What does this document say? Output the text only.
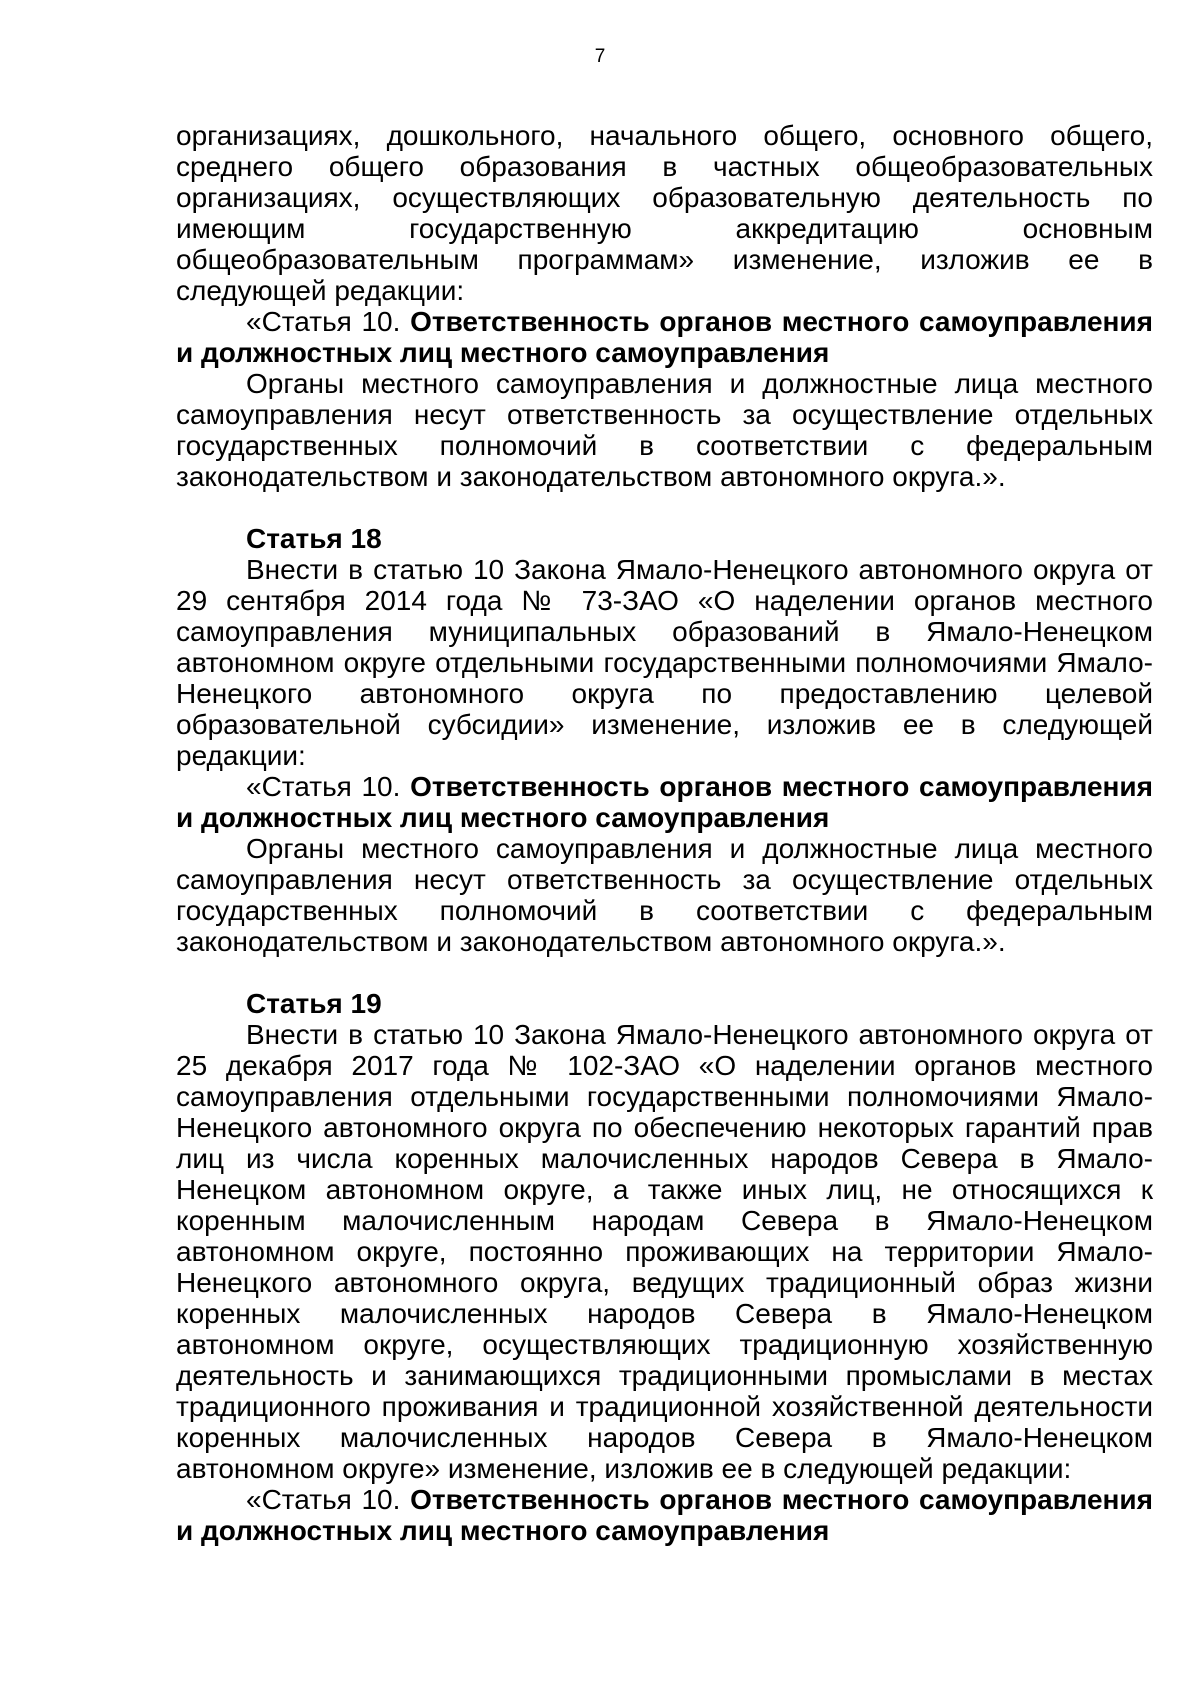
7

организациях, дошкольного, начального общего, основного общего, среднего общего образования в частных общеобразовательных организациях, осуществляющих образовательную деятельность по имеющим государственную аккредитацию основным общеобразовательным программам» изменение, изложив ее в следующей редакции:

«Статья 10. Ответственность органов местного самоуправления и должностных лиц местного самоуправления

Органы местного самоуправления и должностные лица местного самоуправления несут ответственность за осуществление отдельных государственных полномочий в соответствии с федеральным законодательством и законодательством автономного округа.».

Статья 18

Внести в статью 10 Закона Ямало-Ненецкого автономного округа от 29 сентября 2014 года № 73-ЗАО «О наделении органов местного самоуправления муниципальных образований в Ямало-Ненецком автономном округе отдельными государственными полномочиями Ямало-Ненецкого автономного округа по предоставлению целевой образовательной субсидии» изменение, изложив ее в следующей редакции:

«Статья 10. Ответственность органов местного самоуправления и должностных лиц местного самоуправления

Органы местного самоуправления и должностные лица местного самоуправления несут ответственность за осуществление отдельных государственных полномочий в соответствии с федеральным законодательством и законодательством автономного округа.».

Статья 19

Внести в статью 10 Закона Ямало-Ненецкого автономного округа от 25 декабря 2017 года № 102-ЗАО «О наделении органов местного самоуправления отдельными государственными полномочиями Ямало-Ненецкого автономного округа по обеспечению некоторых гарантий прав лиц из числа коренных малочисленных народов Севера в Ямало-Ненецком автономном округе, а также иных лиц, не относящихся к коренным малочисленным народам Севера в Ямало-Ненецком автономном округе, постоянно проживающих на территории Ямало-Ненецкого автономного округа, ведущих традиционный образ жизни коренных малочисленных народов Севера в Ямало-Ненецком автономном округе, осуществляющих традиционную хозяйственную деятельность и занимающихся традиционными промыслами в местах традиционного проживания и традиционной хозяйственной деятельности коренных малочисленных народов Севера в Ямало-Ненецком автономном округе» изменение, изложив ее в следующей редакции:

«Статья 10. Ответственность органов местного самоуправления и должностных лиц местного самоуправления
